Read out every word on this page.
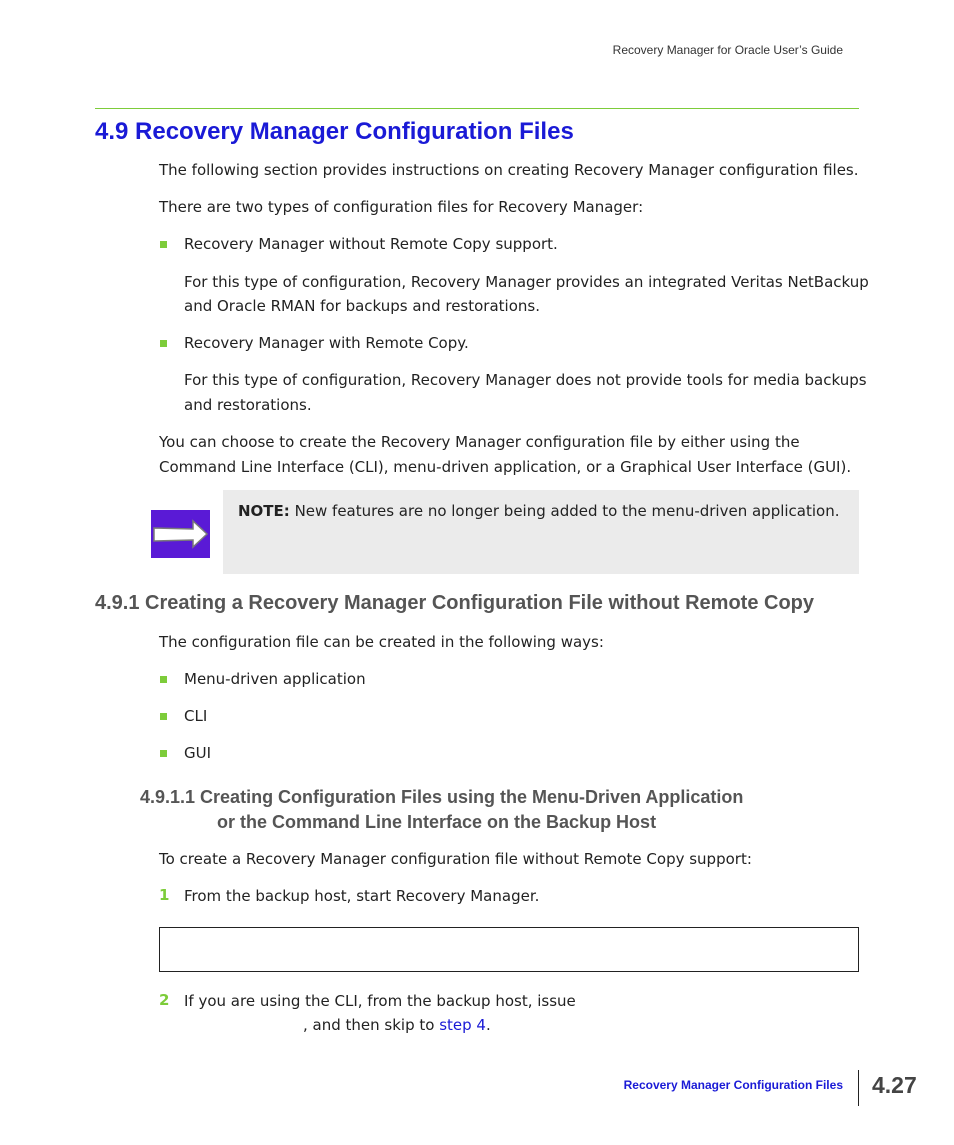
Recovery Manager for Oracle User’s Guide
4.9 Recovery Manager Configuration Files
The following section provides instructions on creating Recovery Manager configuration files.
There are two types of configuration files for Recovery Manager:
Recovery Manager without Remote Copy support.
For this type of configuration, Recovery Manager provides an integrated Veritas NetBackup
and Oracle RMAN for backups and restorations.
Recovery Manager with Remote Copy.
For this type of configuration, Recovery Manager does not provide tools for media backups
and restorations.
You can choose to create the Recovery Manager configuration file by either using the
Command Line Interface (CLI), menu-driven application, or a Graphical User Interface (GUI).
NOTE: New features are no longer being added to the menu-driven application.
4.9.1 Creating a Recovery Manager Configuration File without Remote Copy
The configuration file can be created in the following ways:
Menu-driven application
CLI
GUI
4.9.1.1 Creating Configuration Files using the Menu-Driven Application
or the Command Line Interface on the Backup Host
To create a Recovery Manager configuration file without Remote Copy support:
1 From the backup host, start Recovery Manager.
2 If you are using the CLI, from the backup host, issue
, and then skip to step 4.
Recovery Manager Configuration Files 4.27
